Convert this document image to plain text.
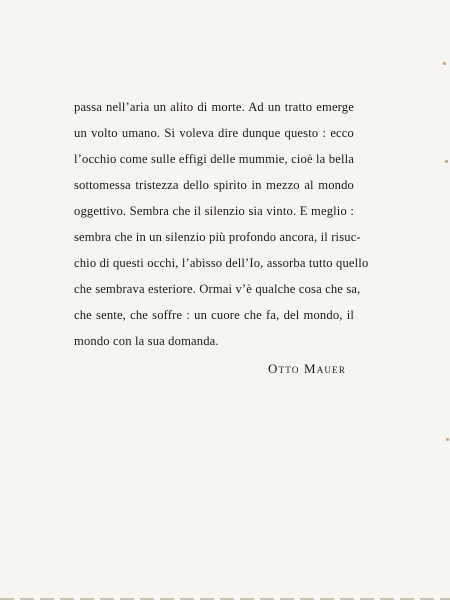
passa nell’aria un alito di morte. Ad un tratto emerge
un volto umano. Si voleva dire dunque questo : ecco
l’occhio come sulle effigi delle mummie, cioè la bella
sottomessa tristezza dello spirito in mezzo al mondo
oggettivo. Sembra che il silenzio sia vinto. E meglio :
sembra che in un silenzio più profondo ancora, il risuc-
chio di questi occhi, l’abisso dell’Io, assorba tutto quello
che sembrava esteriore. Ormai v’è qualche cosa che sa,
che sente, che soffre : un cuore che fa, del mondo, il
mondo con la sua domanda.
Otto Mauer
